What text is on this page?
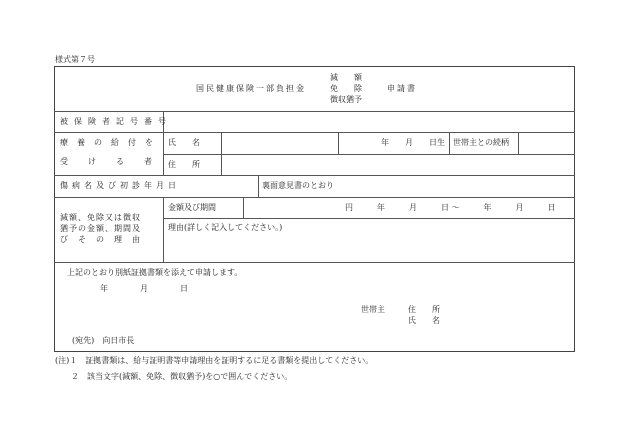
様式第７号
国民健康保険一部負担金
減　　額
免　　除
徴収猶予
申請書
被保険者記号番号
療養の給付を
受　け　る　者
氏　　名	年　　月　　日生 世帯主との続柄
住　　所
傷病名及び初診年月日	裏面意見書のとおり
減額、免除又は徴収
猶予の金額、期間及
び　そ　の　理　由
金額及び期間	円　　　年　　　月　　　日 〜　　　年　　　月　　　日
理由(詳しく記入してください。)
上記のとおり別紙証拠書類を添えて申請します。
年　　　　月　　　　日
世帯主	住　　所
氏　　名
(宛先)　向日市長
(注)１　証拠書類は、給与証明書等申請理由を証明するに足る書類を提出してください。
２　該当文字(減額、免除、徴収猶予)を○で囲んでください。
